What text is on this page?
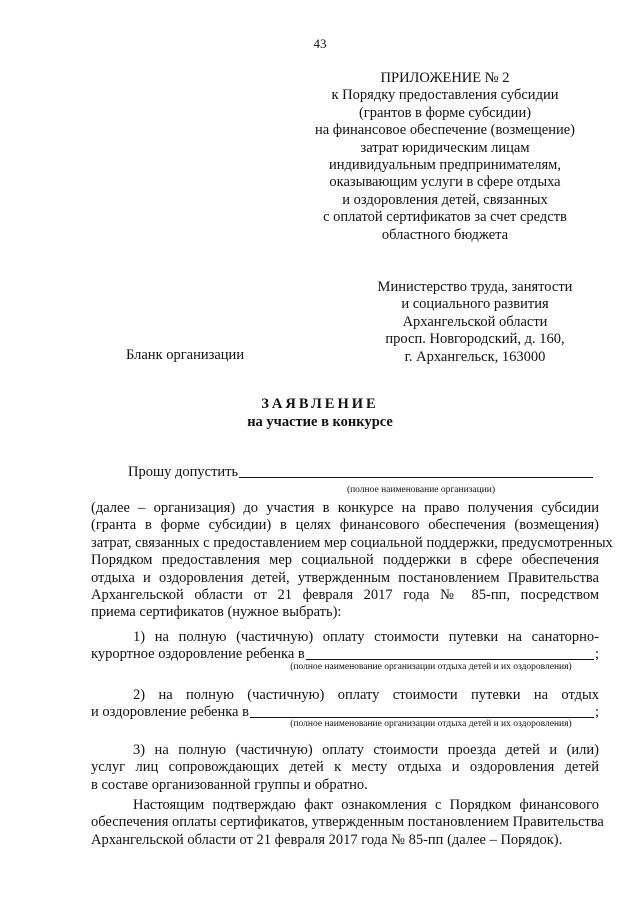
43
ПРИЛОЖЕНИЕ № 2
к Порядку предоставления субсидии
(грантов в форме субсидии)
на финансовое обеспечение (возмещение)
затрат юридическим лицам
индивидуальным предпринимателям,
оказывающим услуги в сфере отдыха
и оздоровления детей, связанных
с оплатой сертификатов за счет средств
областного бюджета
Министерство труда, занятости
и социального развития
Архангельской области
просп. Новгородский, д. 160,
г. Архангельск, 163000
Бланк организации
ЗАЯВЛЕНИЕ
на участие в конкурсе
Прошу допустить
(полное наименование организации)
(далее – организация) до участия в конкурсе на право получения субсидии
(гранта в форме субсидии) в целях финансового обеспечения (возмещения)
затрат, связанных с предоставлением мер социальной поддержки, предусмотренных
Порядком предоставления мер социальной поддержки в сфере обеспечения
отдыха и оздоровления детей, утвержденным постановлением Правительства
Архангельской области от 21 февраля 2017 года № 85-пп, посредством
приема сертификатов (нужное выбрать):
1) на полную (частичную) оплату стоимости путевки на санаторно-
курортное оздоровление ребенка в	;
(полное наименование организации отдыха детей и их оздоровления)
2) на полную (частичную) оплату стоимости путевки на отдых
и оздоровление ребенка в	;
(полное наименование организации отдыха детей и их оздоровления)
3) на полную (частичную) оплату стоимости проезда детей и (или)
услуг лиц сопровождающих детей к месту отдыха и оздоровления детей
в составе организованной группы и обратно.
Настоящим подтверждаю факт ознакомления с Порядком финансового
обеспечения оплаты сертификатов, утвержденным постановлением Правительства
Архангельской области от 21 февраля 2017 года № 85-пп (далее – Порядок).
